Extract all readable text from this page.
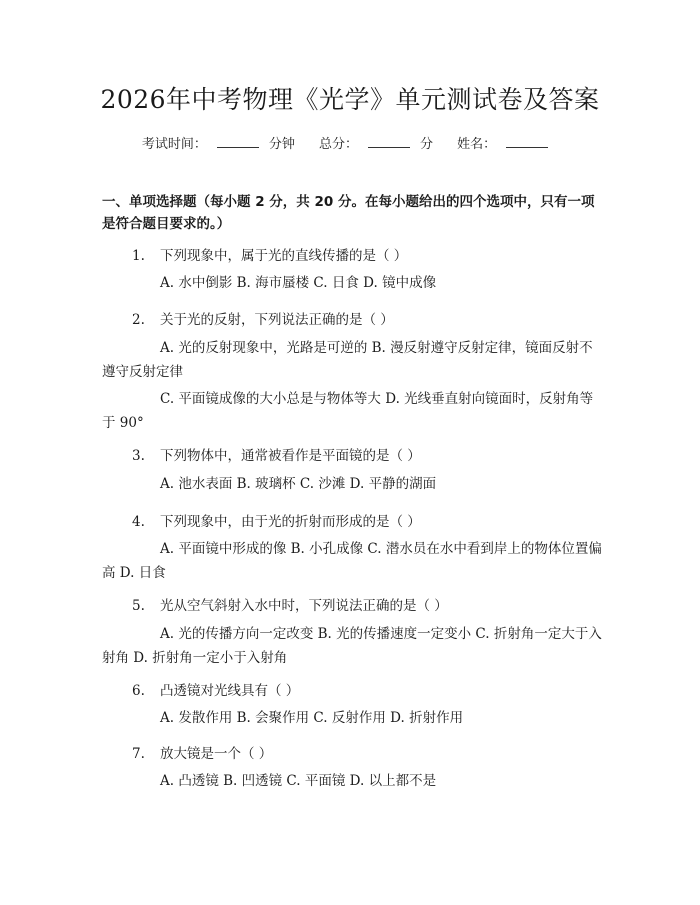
2026年中考物理《光学》单元测试卷及答案
考试时间：	分钟 总分：	分 姓名：
一、单项选择题（每小题 2 分，共 20 分。在每小题给出的四个选项中，只有一项是符合题目要求的。）
1. 下列现象中，属于光的直线传播的是（ ）
A. 水中倒影 B. 海市蜃楼 C. 日食 D. 镜中成像
2. 关于光的反射，下列说法正确的是（ ）
A. 光的反射现象中，光路是可逆的 B. 漫反射遵守反射定律，镜面反射不遵守反射定律
C. 平面镜成像的大小总是与物体等大 D. 光线垂直射向镜面时，反射角等于 90°
3. 下列物体中，通常被看作是平面镜的是（ ）
A. 池水表面 B. 玻璃杯 C. 沙滩 D. 平静的湖面
4. 下列现象中，由于光的折射而形成的是（ ）
A. 平面镜中形成的像 B. 小孔成像 C. 潜水员在水中看到岸上的物体位置偏高 D. 日食
5. 光从空气斜射入水中时，下列说法正确的是（ ）
A. 光的传播方向一定改变 B. 光的传播速度一定变小 C. 折射角一定大于入射角 D. 折射角一定小于入射角
6. 凸透镜对光线具有（ ）
A. 发散作用 B. 会聚作用 C. 反射作用 D. 折射作用
7. 放大镜是一个（ ）
A. 凸透镜 B. 凹透镜 C. 平面镜 D. 以上都不是
